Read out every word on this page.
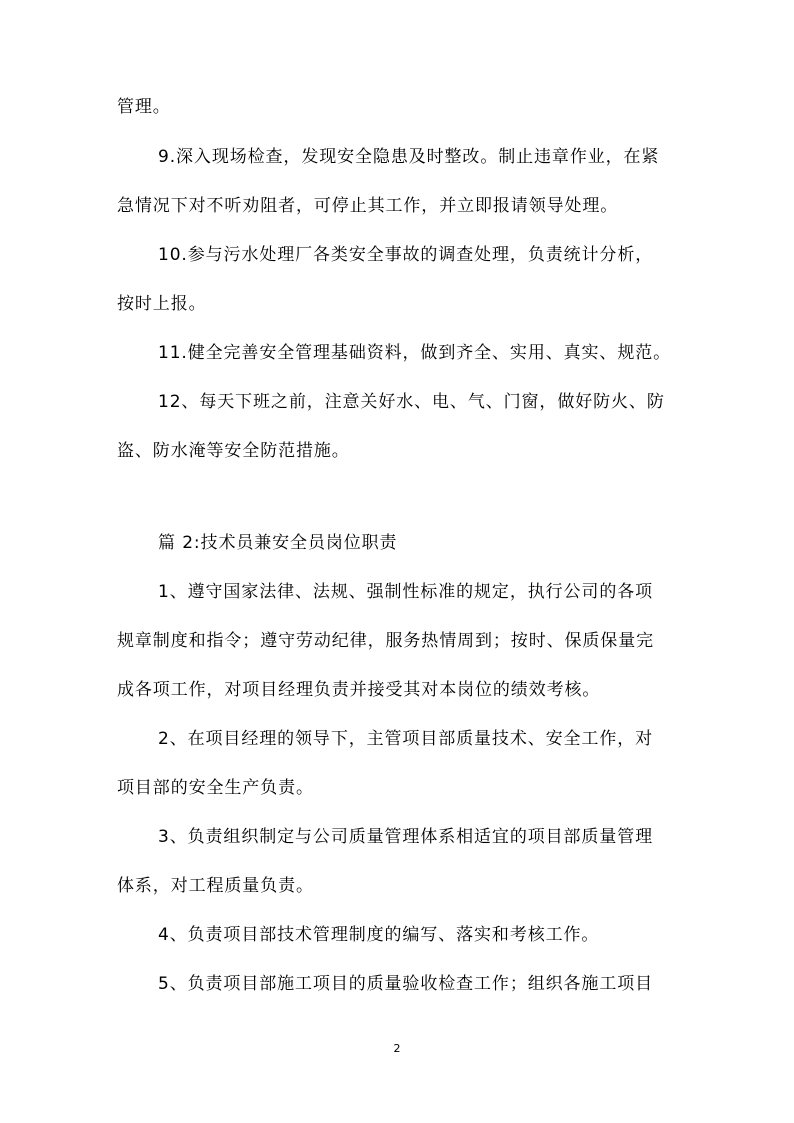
管理。
9.深入现场检查，发现安全隐患及时整改。制止违章作业，在紧
急情况下对不听劝阻者，可停止其工作，并立即报请领导处理。
10.参与污水处理厂各类安全事故的调查处理，负责统计分析，
按时上报。
11.健全完善安全管理基础资料，做到齐全、实用、真实、规范。
12、每天下班之前，注意关好水、电、气、门窗，做好防火、防
盗、防水淹等安全防范措施。
篇 2:技术员兼安全员岗位职责
1、遵守国家法律、法规、强制性标准的规定，执行公司的各项
规章制度和指令；遵守劳动纪律，服务热情周到；按时、保质保量完
成各项工作，对项目经理负责并接受其对本岗位的绩效考核。
2、在项目经理的领导下，主管项目部质量技术、安全工作，对
项目部的安全生产负责。
3、负责组织制定与公司质量管理体系相适宜的项目部质量管理
体系，对工程质量负责。
4、负责项目部技术管理制度的编写、落实和考核工作。
5、负责项目部施工项目的质量验收检查工作；组织各施工项目
2
